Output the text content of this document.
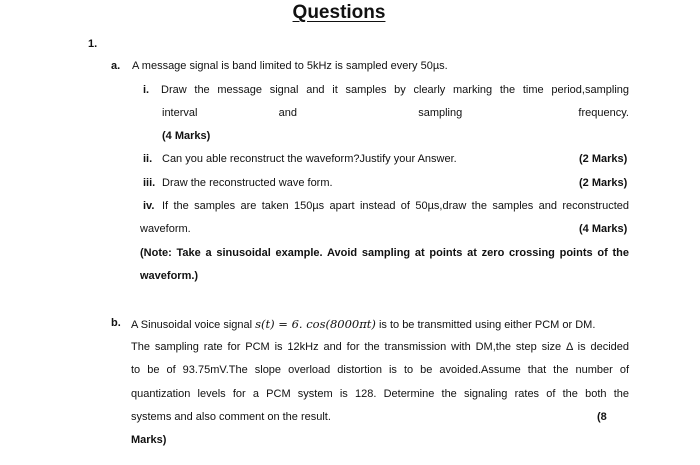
Questions
1.
a. A message signal is band limited to 5kHz is sampled every 50µs.
i. Draw the message signal and it samples by clearly marking the time period,sampling
interval	and	sampling	frequency.
(4 Marks)
ii. Can you able reconstruct the waveform?Justify your Answer.	(2 Marks)
iii. Draw the reconstructed wave form.	(2 Marks)
iv. If the samples are taken 150µs apart instead of 50µs,draw the samples and reconstructed
waveform.	(4 Marks)
(Note: Take a sinusoidal example. Avoid sampling at points at zero crossing points of the
waveform.)
b. A Sinusoidal voice signal s(t) = 6. cos(8000πt) is to be transmitted using either PCM or DM.
The sampling rate for PCM is 12kHz and for the transmission with DM,the step size Δ is decided
to be of 93.75mV.The slope overload distortion is to be avoided.Assume that the number of
quantization levels for a PCM system is 128. Determine the signaling rates of the both the
systems and also comment on the result.	(8
Marks)
